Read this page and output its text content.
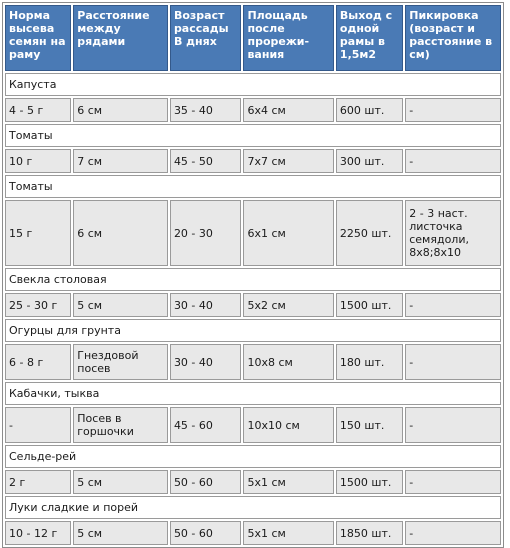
Норма высева семян на раму	Расстояние между рядами	Возраст рассады В днях	Площадь после прорежи-вания	Выход с одной рамы в 1,5м2	Пикировка (возраст и расстояние в см)
Капуста					
4 - 5 г	6 см	35 - 40	6х4 см	600 шт.	-
Томаты					
10 г	7 см	45 - 50	7х7 см	300 шт.	-
Томаты					
15 г	6 см	20 - 30	6х1 см	2250 шт.	2 - 3 наст. листочка семядоли, 8х8;8х10
Свекла столовая					
25 - 30 г	5 см	30 - 40	5х2 см	1500 шт.	-
Огурцы для грунта					
6 - 8 г	Гнездовой посев	30 - 40	10х8 см	180 шт.	-
Кабачки, тыква					
-	Посев в горшочки	45 - 60	10х10 см	150 шт.	-
Сельде-рей					
2 г	5 см	50 - 60	5х1 см	1500 шт.	-
Луки сладкие и порей					
10 - 12 г	5 см	50 - 60	5х1 см	1850 шт.	-
